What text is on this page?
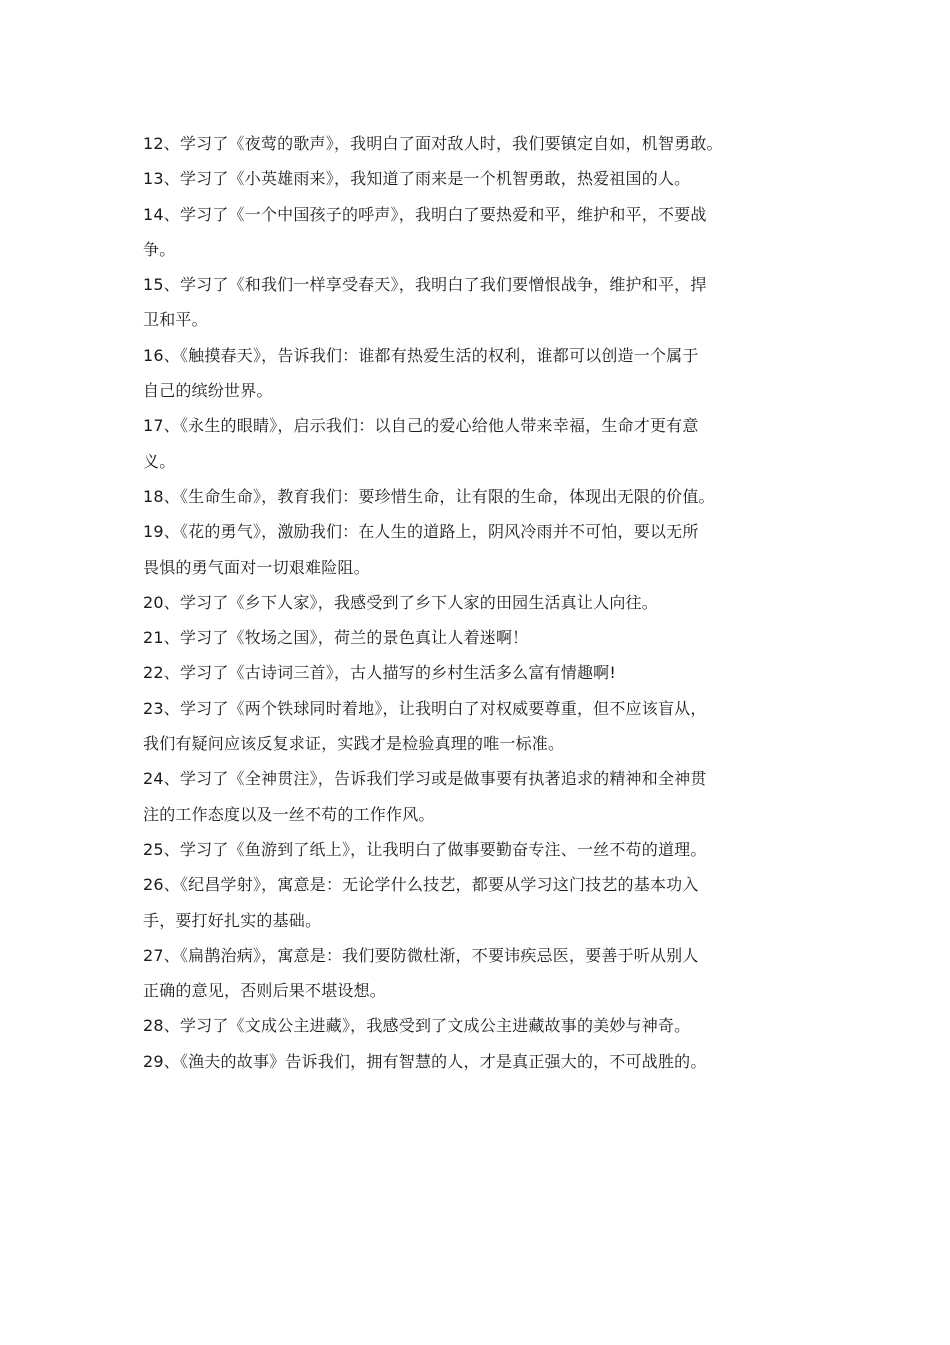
12、学习了《夜莺的歌声》，我明白了面对敌人时，我们要镇定自如，机智勇敢。
13、学习了《小英雄雨来》，我知道了雨来是一个机智勇敢，热爱祖国的人。
14、学习了《一个中国孩子的呼声》，我明白了要热爱和平，维护和平，不要战
争。
15、学习了《和我们一样享受春天》，我明白了我们要憎恨战争，维护和平，捍
卫和平。
16、《触摸春天》，告诉我们：谁都有热爱生活的权利，谁都可以创造一个属于
自己的缤纷世界。
17、《永生的眼睛》，启示我们：以自己的爱心给他人带来幸福，生命才更有意
义。
18、《生命生命》，教育我们：要珍惜生命，让有限的生命，体现出无限的价值。
19、《花的勇气》，激励我们：在人生的道路上，阴风冷雨并不可怕，要以无所
畏惧的勇气面对一切艰难险阻。
20、学习了《乡下人家》，我感受到了乡下人家的田园生活真让人向往。
21、学习了《牧场之国》，荷兰的景色真让人着迷啊！
22、学习了《古诗词三首》，古人描写的乡村生活多么富有情趣啊!
23、学习了《两个铁球同时着地》，让我明白了对权威要尊重，但不应该盲从，
我们有疑问应该反复求证，实践才是检验真理的唯一标准。
24、学习了《全神贯注》，告诉我们学习或是做事要有执著追求的精神和全神贯
注的工作态度以及一丝不苟的工作作风。
25、学习了《鱼游到了纸上》，让我明白了做事要勤奋专注、一丝不苟的道理。
26、《纪昌学射》，寓意是：无论学什么技艺，都要从学习这门技艺的基本功入
手，要打好扎实的基础。
27、《扁鹊治病》，寓意是：我们要防微杜渐，不要讳疾忌医，要善于听从别人
正确的意见，否则后果不堪设想。
28、学习了《文成公主进藏》，我感受到了文成公主进藏故事的美妙与神奇。
29、《渔夫的故事》告诉我们，拥有智慧的人，才是真正强大的，不可战胜的。
